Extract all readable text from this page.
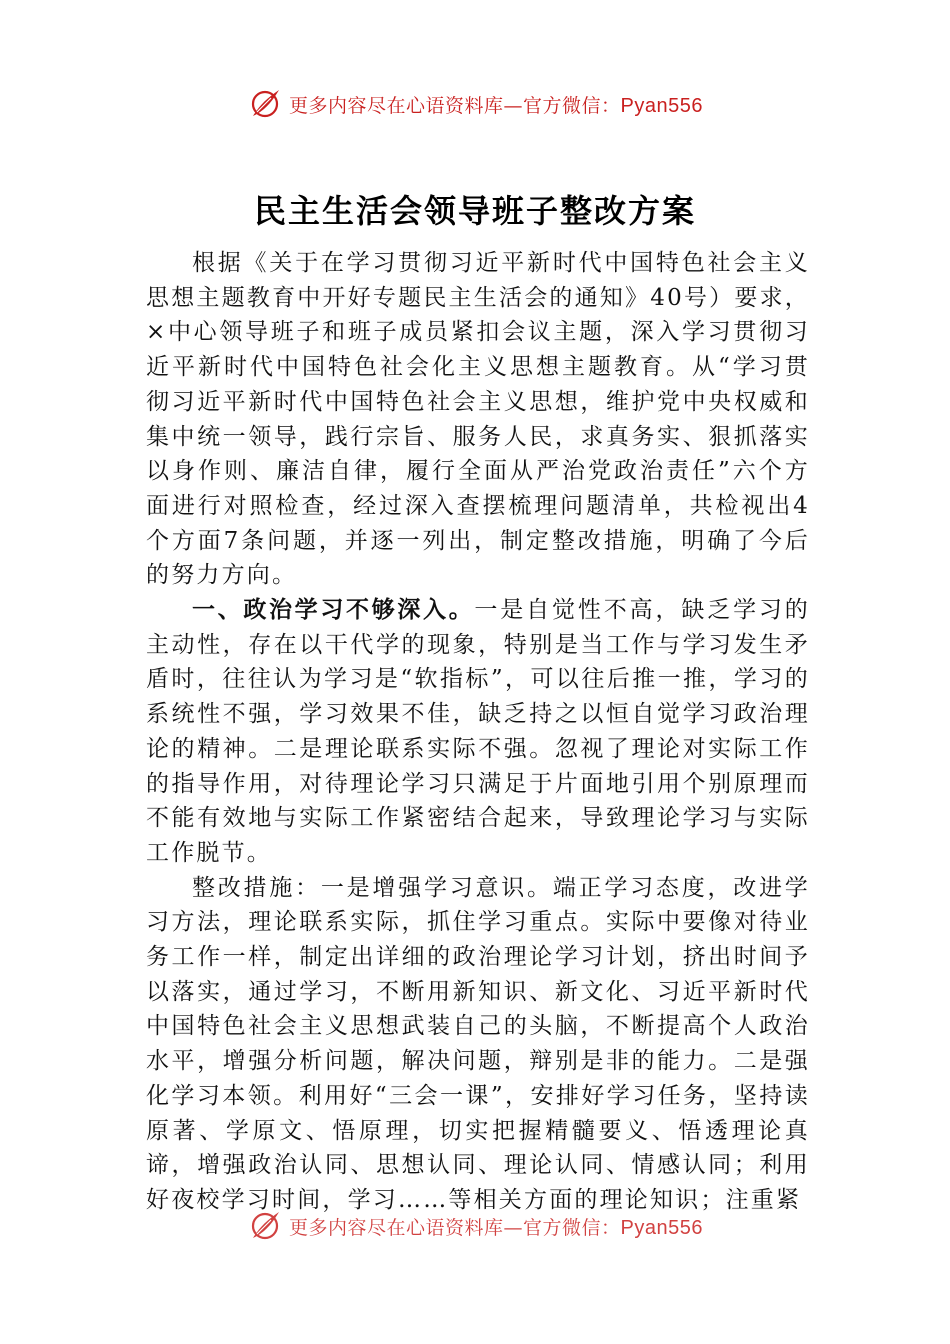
更多内容尽在心语资料库—官方微信：Pyan556
民主生活会领导班子整改方案

根据《关于在学习贯彻习近平新时代中国特色社会主义思想主题教育中开好专题民主生活会的通知》40号）要求，×中心领导班子和班子成员紧扣会议主题，深入学习贯彻习近平新时代中国特色社会化主义思想主题教育。从“学习贯彻习近平新时代中国特色社会主义思想，维护党中央权威和集中统一领导，践行宗旨、服务人民，求真务实、狠抓落实以身作则、廉洁自律，履行全面从严治党政治责任”六个方面进行对照检查，经过深入查摆梳理问题清单，共检视出4个方面7条问题，并逐一列出，制定整改措施，明确了今后的努力方向。

一、政治学习不够深入。一是自觉性不高，缺乏学习的主动性，存在以干代学的现象，特别是当工作与学习发生矛盾时，往往认为学习是“软指标”，可以往后推一推，学习的系统性不强，学习效果不佳，缺乏持之以恒自觉学习政治理论的精神。二是理论联系实际不强。忽视了理论对实际工作的指导作用，对待理论学习只满足于片面地引用个别原理而不能有效地与实际工作紧密结合起来，导致理论学习与实际工作脱节。

整改措施：一是增强学习意识。端正学习态度，改进学习方法，理论联系实际，抓住学习重点。实际中要像对待业务工作一样，制定出详细的政治理论学习计划，挤出时间予以落实，通过学习，不断用新知识、新文化、习近平新时代中国特色社会主义思想武装自己的头脑，不断提高个人政治水平，增强分析问题，解决问题，辩别是非的能力。二是强化学习本领。利用好“三会一课”，安排好学习任务，坚持读原著、学原文、悟原理，切实把握精髓要义、悟透理论真谛，增强政治认同、思想认同、理论认同、情感认同；利用好夜校学习时间，学习……等相关方面的理论知识；注重紧

更多内容尽在心语资料库—官方微信：Pyan556
